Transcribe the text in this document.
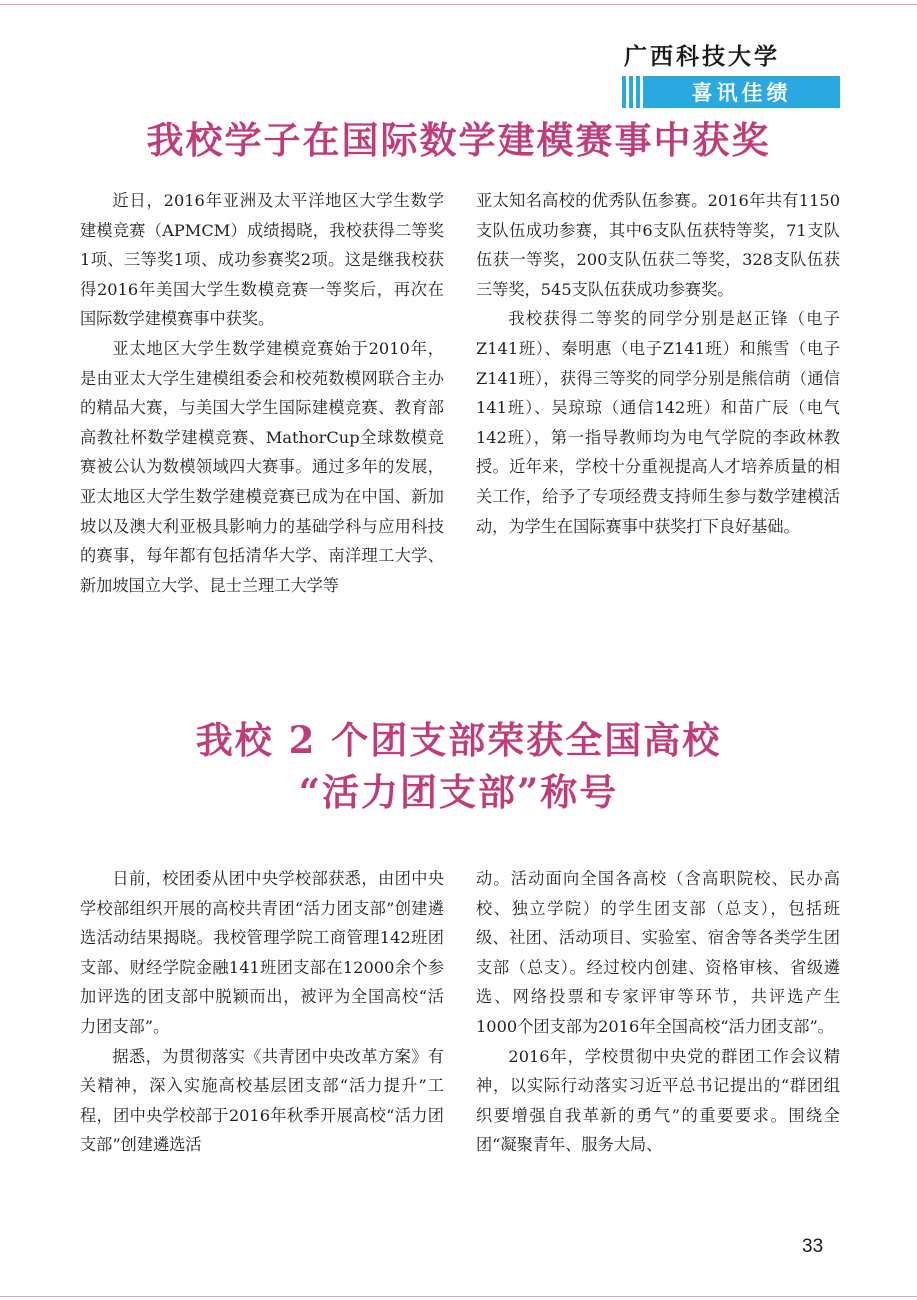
广西科技大学
喜讯佳绩
我校学子在国际数学建模赛事中获奖

近日，2016年亚洲及太平洋地区大学生数学建模竞赛（APMCM）成绩揭晓，我校获得二等奖1项、三等奖1项、成功参赛奖2项。这是继我校获得2016年美国大学生数模竞赛一等奖后，再次在国际数学建模赛事中获奖。

亚太地区大学生数学建模竞赛始于2010年，是由亚太大学生建模组委会和校苑数模网联合主办的精品大赛，与美国大学生国际建模竞赛、教育部高教社杯数学建模竞赛、MathorCup全球数模竞赛被公认为数模领域四大赛事。通过多年的发展，亚太地区大学生数学建模竞赛已成为在中国、新加坡以及澳大利亚极具影响力的基础学科与应用科技的赛事，每年都有包括清华大学、南洋理工大学、新加坡国立大学、昆士兰理工大学等

亚太知名高校的优秀队伍参赛。2016年共有1150支队伍成功参赛，其中6支队伍获特等奖，71支队伍获一等奖，200支队伍获二等奖，328支队伍获三等奖，545支队伍获成功参赛奖。

我校获得二等奖的同学分别是赵正锋（电子Z141班）、秦明惠（电子Z141班）和熊雪（电子Z141班），获得三等奖的同学分别是熊信萌（通信141班）、吴琼琼（通信142班）和苗广辰（电气142班），第一指导教师均为电气学院的李政林教授。近年来，学校十分重视提高人才培养质量的相关工作，给予了专项经费支持师生参与数学建模活动，为学生在国际赛事中获奖打下良好基础。

我校 2 个团支部荣获全国高校
“活力团支部”称号

日前，校团委从团中央学校部获悉，由团中央学校部组织开展的高校共青团“活力团支部”创建遴选活动结果揭晓。我校管理学院工商管理142班团支部、财经学院金融141班团支部在12000余个参加评选的团支部中脱颖而出，被评为全国高校“活力团支部”。

据悉，为贯彻落实《共青团中央改革方案》有关精神，深入实施高校基层团支部“活力提升”工程，团中央学校部于2016年秋季开展高校“活力团支部”创建遴选活

动。活动面向全国各高校（含高职院校、民办高校、独立学院）的学生团支部（总支），包括班级、社团、活动项目、实验室、宿舍等各类学生团支部（总支）。经过校内创建、资格审核、省级遴选、网络投票和专家评审等环节，共评选产生1000个团支部为2016年全国高校“活力团支部”。

2016年，学校贯彻中央党的群团工作会议精神，以实际行动落实习近平总书记提出的“群团组织要增强自我革新的勇气”的重要要求。围绕全团“凝聚青年、服务大局、

33
